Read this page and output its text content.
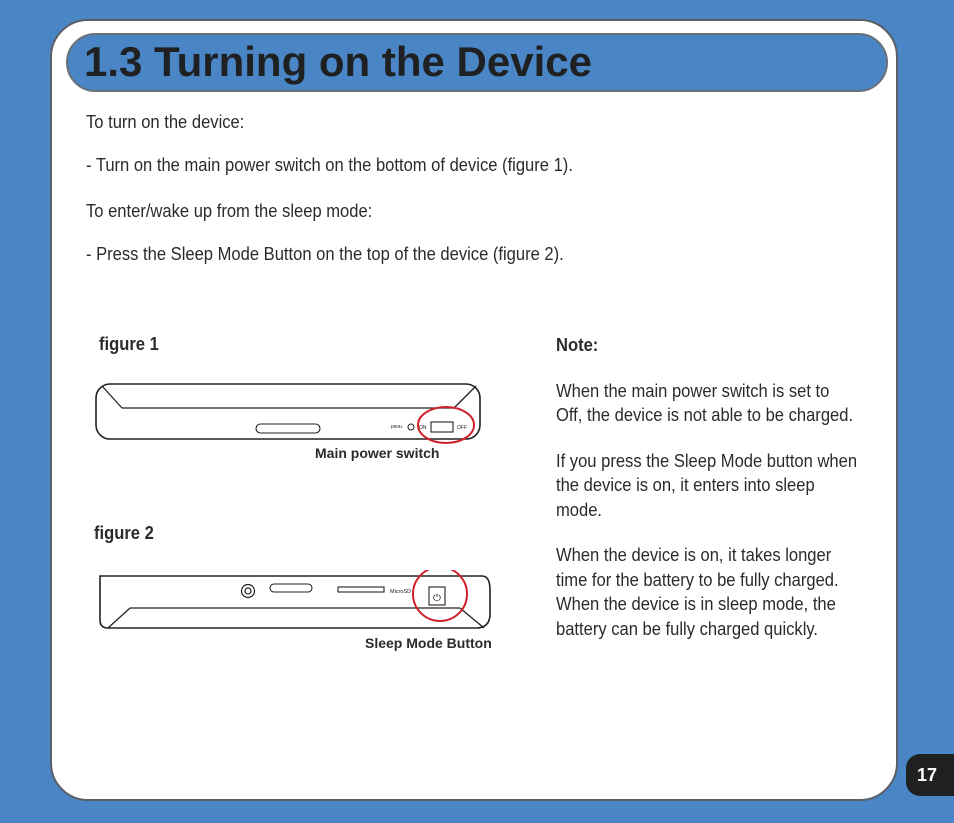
1.3 Turning on the Device

To turn on the device:

- Turn on the main power switch on the bottom of device (figure 1).

To enter/wake up from the sleep mode:

- Press the Sleep Mode Button on the top of the device (figure 2).

figure 1

reset	ON	OFF

Main power switch

figure 2

MicroSD
⏻

Sleep Mode Button

Note:

When the main power switch is set to Off, the device is not able to be charged.

If you press the Sleep Mode button when the device is on, it enters into sleep mode.

When the device is on, it takes longer time for the battery to be fully charged. When the device is in sleep mode, the battery can be fully charged quickly.

17
